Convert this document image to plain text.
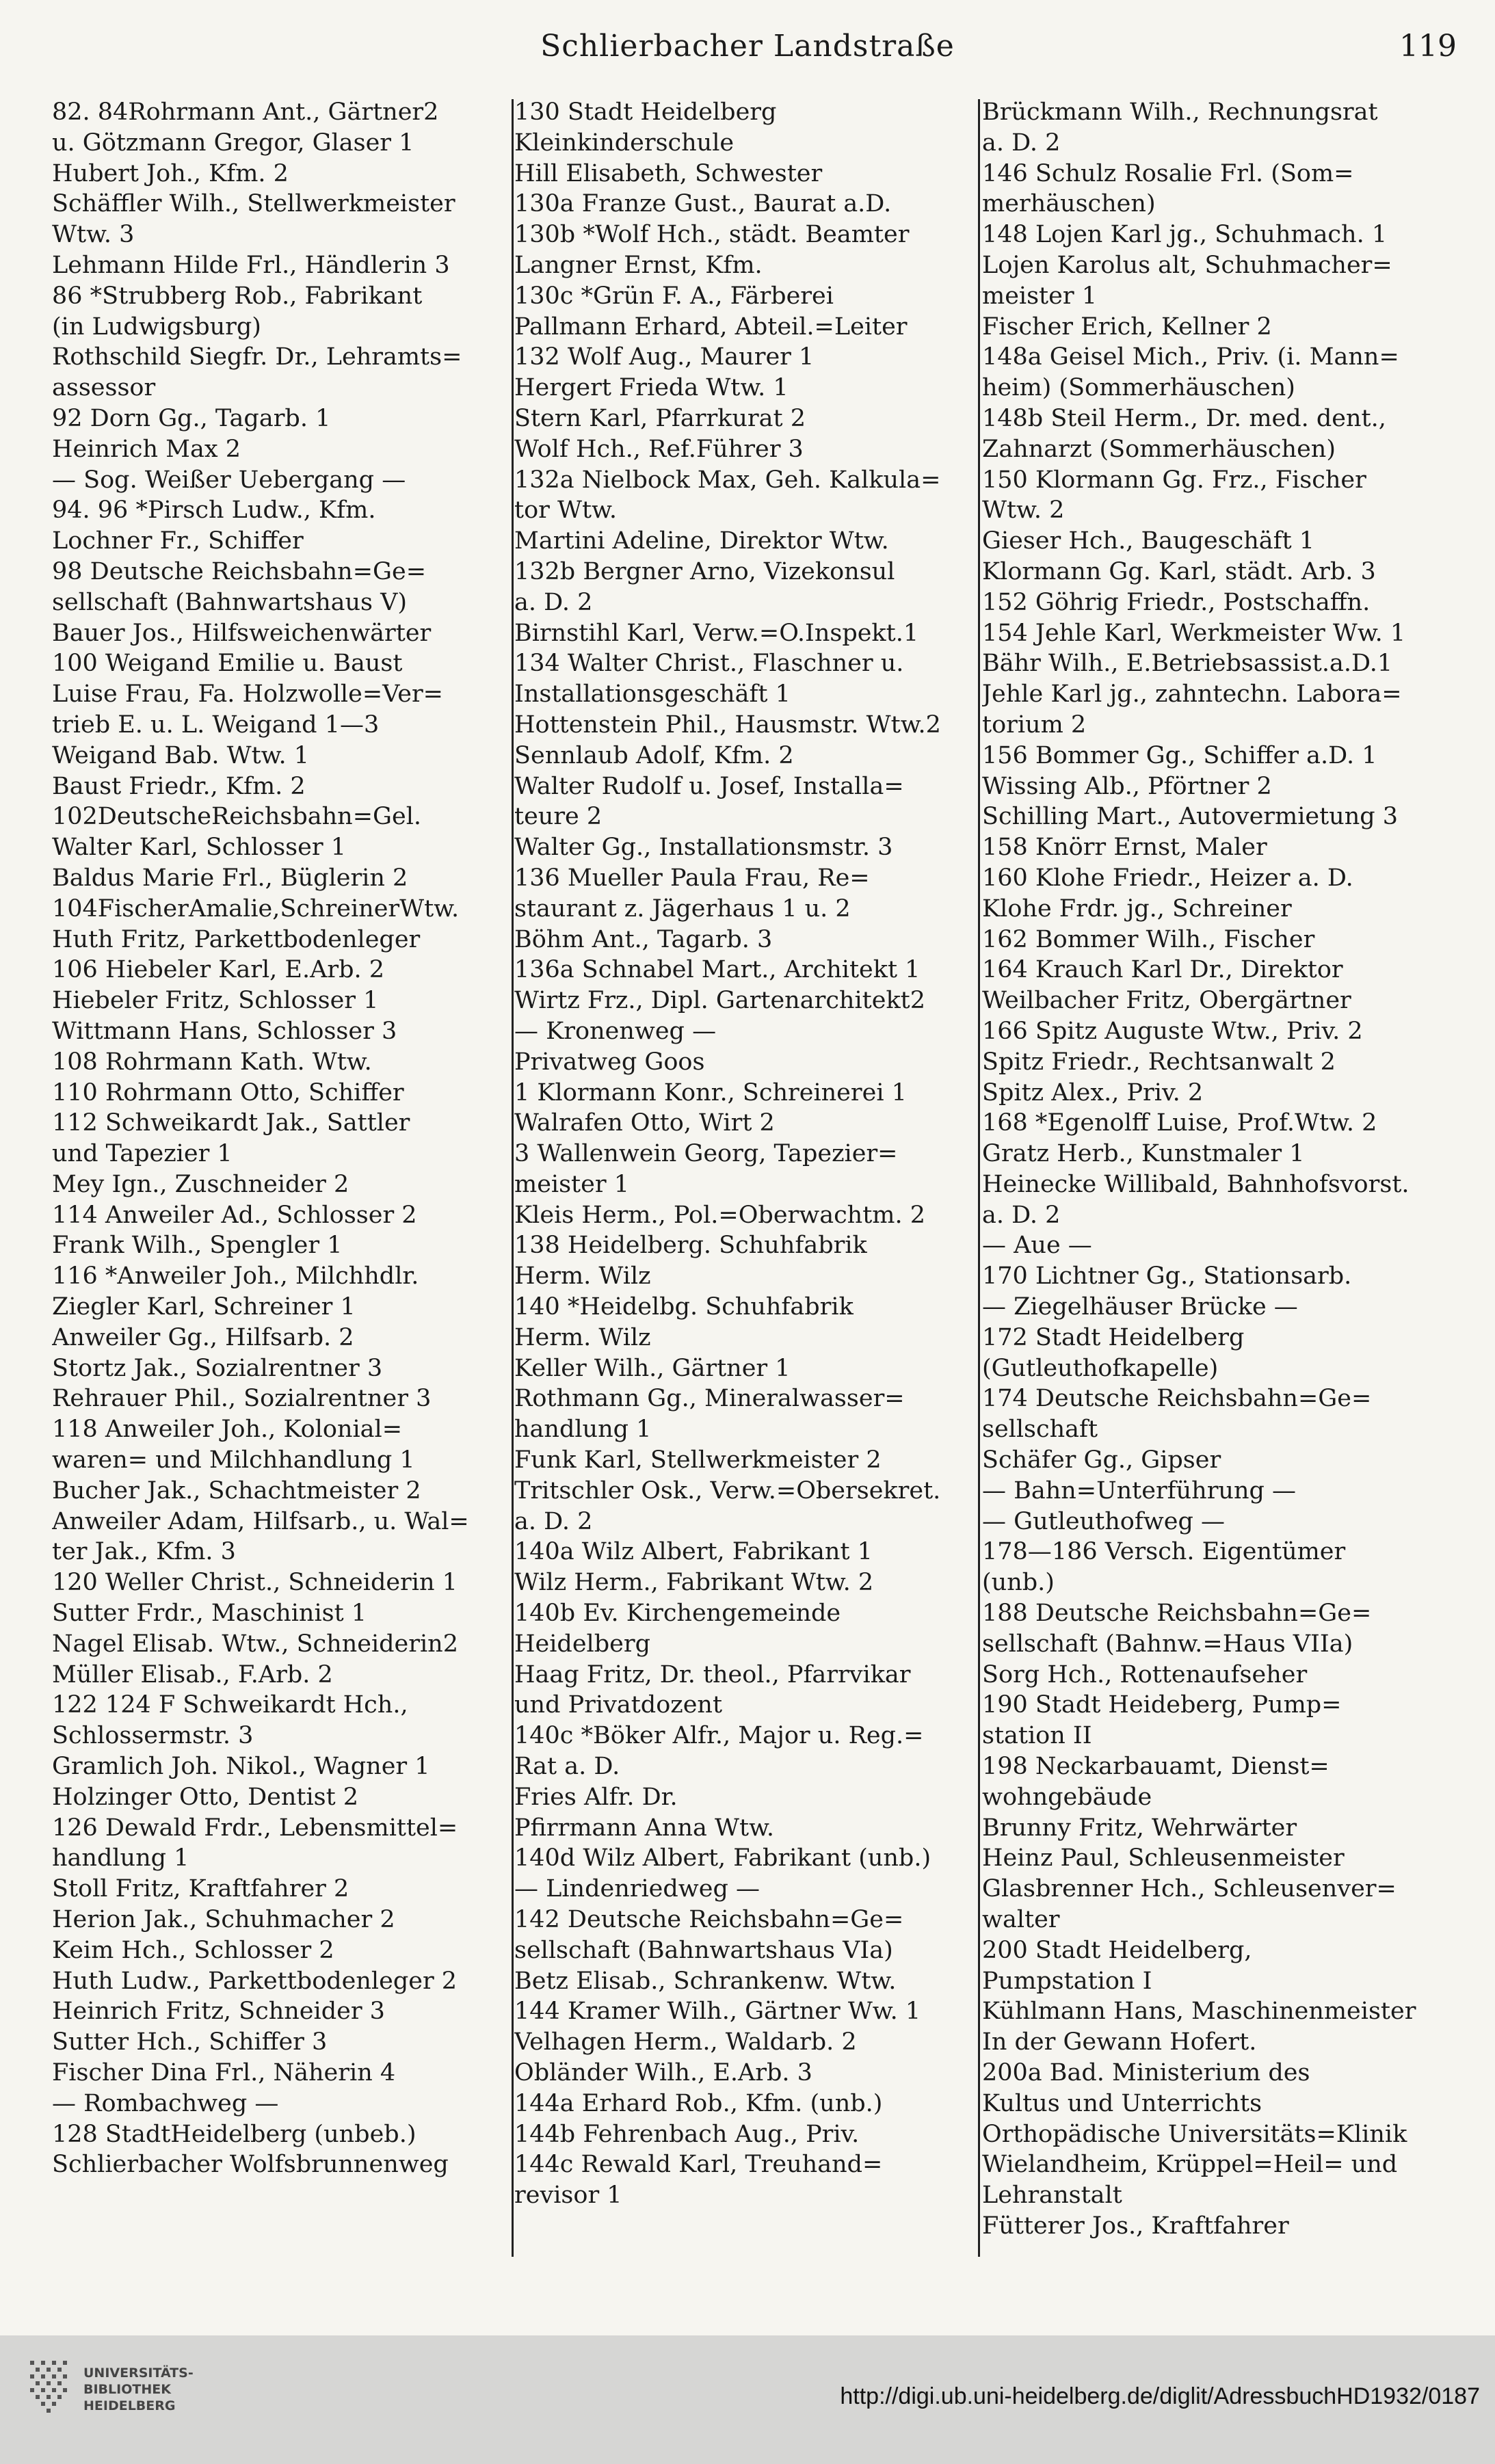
Schlierbacher Landstraße	119
82. 84Rohrmann Ant., Gärtner2
u. Götzmann Gregor, Glaser 1
Hubert Joh., Kfm. 2
Schäffler Wilh., Stellwerkmeister
Wtw. 3
Lehmann Hilde Frl., Händlerin 3
86 *Strubberg Rob., Fabrikant
(in Ludwigsburg)
Rothschild Siegfr. Dr., Lehramts=
assessor
92 Dorn Gg., Tagarb. 1
Heinrich Max 2
— Sog. Weißer Uebergang —
94. 96 *Pirsch Ludw., Kfm.
Lochner Fr., Schiffer
98 Deutsche Reichsbahn=Ge=
sellschaft (Bahnwartshaus V)
Bauer Jos., Hilfsweichenwärter
100 Weigand Emilie u. Baust
Luise Frau, Fa. Holzwolle=Ver=
trieb E. u. L. Weigand 1—3
Weigand Bab. Wtw. 1
Baust Friedr., Kfm. 2
102DeutscheReichsbahn=Gel.
Walter Karl, Schlosser 1
Baldus Marie Frl., Büglerin 2
104FischerAmalie,SchreinerWtw.
Huth Fritz, Parkettbodenleger
106 Hiebeler Karl, E.Arb. 2
Hiebeler Fritz, Schlosser 1
Wittmann Hans, Schlosser 3
108 Rohrmann Kath. Wtw.
110 Rohrmann Otto, Schiffer
112 Schweikardt Jak., Sattler
und Tapezier 1
Mey Ign., Zuschneider 2
114 Anweiler Ad., Schlosser 2
Frank Wilh., Spengler 1
116 *Anweiler Joh., Milchhdlr.
Ziegler Karl, Schreiner 1
Anweiler Gg., Hilfsarb. 2
Stortz Jak., Sozialrentner 3
Rehrauer Phil., Sozialrentner 3
118 Anweiler Joh., Kolonial=
waren= und Milchhandlung 1
Bucher Jak., Schachtmeister 2
Anweiler Adam, Hilfsarb., u. Wal=
ter Jak., Kfm. 3
120 Weller Christ., Schneiderin 1
Sutter Frdr., Maschinist 1
Nagel Elisab. Wtw., Schneiderin2
Müller Elisab., F.Arb. 2
122 124 F Schweikardt Hch.,
Schlossermstr. 3
Gramlich Joh. Nikol., Wagner 1
Holzinger Otto, Dentist 2
126 Dewald Frdr., Lebensmittel=
handlung 1
Stoll Fritz, Kraftfahrer 2
Herion Jak., Schuhmacher 2
Keim Hch., Schlosser 2
Huth Ludw., Parkettbodenleger 2
Heinrich Fritz, Schneider 3
Sutter Hch., Schiffer 3
Fischer Dina Frl., Näherin 4
— Rombachweg —
128 StadtHeidelberg (unbeb.)
Schlierbacher Wolfsbrunnenweg
130 Stadt Heidelberg
Kleinkinderschule
Hill Elisabeth, Schwester
130a Franze Gust., Baurat a.D.
130b *Wolf Hch., städt. Beamter
Langner Ernst, Kfm.
130c *Grün F. A., Färberei
Pallmann Erhard, Abteil.=Leiter
132 Wolf Aug., Maurer 1
Hergert Frieda Wtw. 1
Stern Karl, Pfarrkurat 2
Wolf Hch., Ref.Führer 3
132a Nielbock Max, Geh. Kalkula=
tor Wtw.
Martini Adeline, Direktor Wtw.
132b Bergner Arno, Vizekonsul
a. D. 2
Birnstihl Karl, Verw.=O.Inspekt.1
134 Walter Christ., Flaschner u.
Installationsgeschäft 1
Hottenstein Phil., Hausmstr. Wtw.2
Sennlaub Adolf, Kfm. 2
Walter Rudolf u. Josef, Installa=
teure 2
Walter Gg., Installationsmstr. 3
136 Mueller Paula Frau, Re=
staurant z. Jägerhaus 1 u. 2
Böhm Ant., Tagarb. 3
136a Schnabel Mart., Architekt 1
Wirtz Frz., Dipl. Gartenarchitekt2
— Kronenweg —
Privatweg Goos
1 Klormann Konr., Schreinerei 1
Walrafen Otto, Wirt 2
3 Wallenwein Georg, Tapezier=
meister 1
Kleis Herm., Pol.=Oberwachtm. 2
138 Heidelberg. Schuhfabrik
Herm. Wilz
140 *Heidelbg. Schuhfabrik
Herm. Wilz
Keller Wilh., Gärtner 1
Rothmann Gg., Mineralwasser=
handlung 1
Funk Karl, Stellwerkmeister 2
Tritschler Osk., Verw.=Obersekret.
a. D. 2
140a Wilz Albert, Fabrikant 1
Wilz Herm., Fabrikant Wtw. 2
140b Ev. Kirchengemeinde
Heidelberg
Haag Fritz, Dr. theol., Pfarrvikar
und Privatdozent
140c *Böker Alfr., Major u. Reg.=
Rat a. D.
Fries Alfr. Dr.
Pfirrmann Anna Wtw.
140d Wilz Albert, Fabrikant (unb.)
— Lindenriedweg —
142 Deutsche Reichsbahn=Ge=
sellschaft (Bahnwartshaus VIa)
Betz Elisab., Schrankenw. Wtw.
144 Kramer Wilh., Gärtner Ww. 1
Velhagen Herm., Waldarb. 2
Obländer Wilh., E.Arb. 3
144a Erhard Rob., Kfm. (unb.)
144b Fehrenbach Aug., Priv.
144c Rewald Karl, Treuhand=
revisor 1
Brückmann Wilh., Rechnungsrat
a. D. 2
146 Schulz Rosalie Frl. (Som=
merhäuschen)
148 Lojen Karl jg., Schuhmach. 1
Lojen Karolus alt, Schuhmacher=
meister 1
Fischer Erich, Kellner 2
148a Geisel Mich., Priv. (i. Mann=
heim) (Sommerhäuschen)
148b Steil Herm., Dr. med. dent.,
Zahnarzt (Sommerhäuschen)
150 Klormann Gg. Frz., Fischer
Wtw. 2
Gieser Hch., Baugeschäft 1
Klormann Gg. Karl, städt. Arb. 3
152 Göhrig Friedr., Postschaffn.
154 Jehle Karl, Werkmeister Ww. 1
Bähr Wilh., E.Betriebsassist.a.D.1
Jehle Karl jg., zahntechn. Labora=
torium 2
156 Bommer Gg., Schiffer a.D. 1
Wissing Alb., Pförtner 2
Schilling Mart., Autovermietung 3
158 Knörr Ernst, Maler
160 Klohe Friedr., Heizer a. D.
Klohe Frdr. jg., Schreiner
162 Bommer Wilh., Fischer
164 Krauch Karl Dr., Direktor
Weilbacher Fritz, Obergärtner
166 Spitz Auguste Wtw., Priv. 2
Spitz Friedr., Rechtsanwalt 2
Spitz Alex., Priv. 2
168 *Egenolff Luise, Prof.Wtw. 2
Gratz Herb., Kunstmaler 1
Heinecke Willibald, Bahnhofsvorst.
a. D. 2
— Aue —
170 Lichtner Gg., Stationsarb.
— Ziegelhäuser Brücke —
172 Stadt Heidelberg
(Gutleuthofkapelle)
174 Deutsche Reichsbahn=Ge=
sellschaft
Schäfer Gg., Gipser
— Bahn=Unterführung —
— Gutleuthofweg —
178—186 Versch. Eigentümer
(unb.)
188 Deutsche Reichsbahn=Ge=
sellschaft (Bahnw.=Haus VIIa)
Sorg Hch., Rottenaufseher
190 Stadt Heideberg, Pump=
station II
198 Neckarbauamt, Dienst=
wohngebäude
Brunny Fritz, Wehrwärter
Heinz Paul, Schleusenmeister
Glasbrenner Hch., Schleusenver=
walter
200 Stadt Heidelberg,
Pumpstation I
Kühlmann Hans, Maschinenmeister
In der Gewann Hofert.
200a Bad. Ministerium des
Kultus und Unterrichts
Orthopädische Universitäts=Klinik
Wielandheim, Krüppel=Heil= und
Lehranstalt
Fütterer Jos., Kraftfahrer
UNIVERSITÄTS-
BIBLIOTHEK
HEIDELBERG	http://digi.ub.uni-heidelberg.de/diglit/AdressbuchHD1932/0187
